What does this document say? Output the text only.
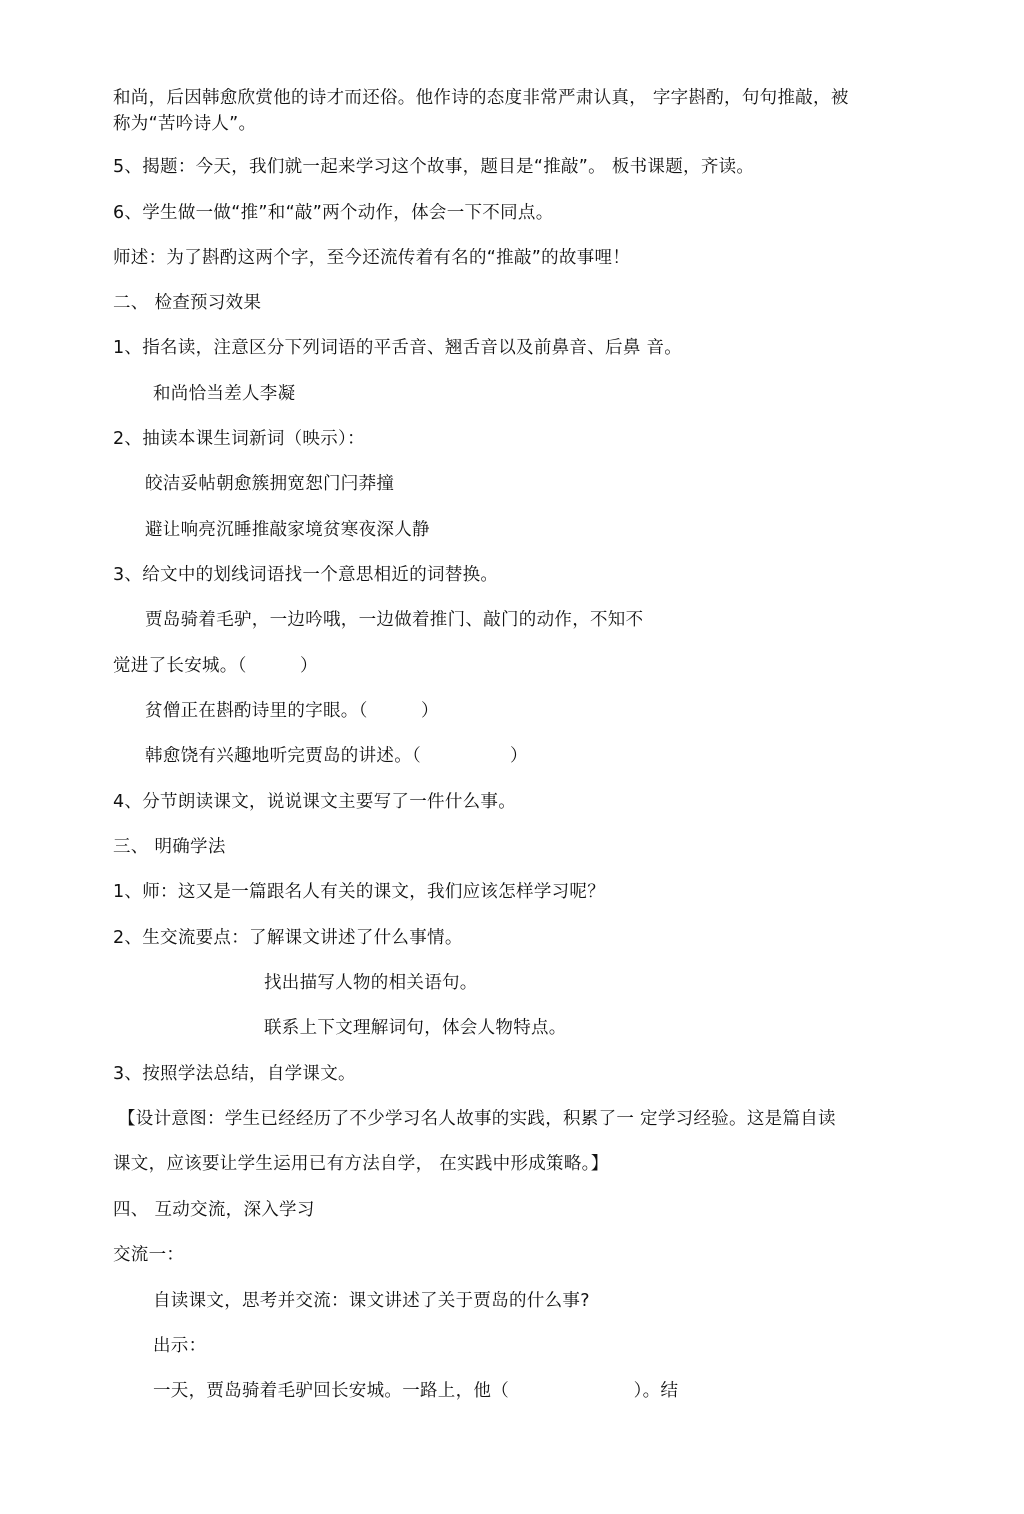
和尚，后因韩愈欣赏他的诗才而还俗。他作诗的态度非常严肃认真， 字字斟酌，句句推敲，被
称为“苦吟诗人”。
5、揭题：今天，我们就一起来学习这个故事，题目是“推敲”。 板书课题，齐读。
6、学生做一做“推”和“敲”两个动作，体会一下不同点。
师述：为了斟酌这两个字，至今还流传着有名的“推敲”的故事哩！
二、 检查预习效果
1、指名读，注意区分下列词语的平舌音、翘舌音以及前鼻音、后鼻 音。
和尚恰当差人李凝
2、抽读本课生词新词（映示）：
皎洁妥帖朝愈簇拥宽恕门闩莽撞
避让响亮沉睡推敲家境贫寒夜深人静
3、给文中的划线词语找一个意思相近的词替换。
贾岛骑着毛驴，一边吟哦，一边做着推门、敲门的动作，不知不
觉进了长安城。（　　　）
贫僧正在斟酌诗里的字眼。（　　　）
韩愈饶有兴趣地听完贾岛的讲述。（　　　　　）
4、分节朗读课文，说说课文主要写了一件什么事。
三、 明确学法
1、师：这又是一篇跟名人有关的课文，我们应该怎样学习呢？
2、生交流要点：了解课文讲述了什么事情。
找出描写人物的相关语句。
联系上下文理解词句，体会人物特点。
3、按照学法总结，自学课文。
【设计意图：学生已经经历了不少学习名人故事的实践，积累了一 定学习经验。这是篇自读
课文，应该要让学生运用已有方法自学， 在实践中形成策略。】
四、 互动交流，深入学习
交流一：
自读课文，思考并交流：课文讲述了关于贾岛的什么事?
出示：
一天，贾岛骑着毛驴回长安城。一路上，他（　　　　　　　）。结
